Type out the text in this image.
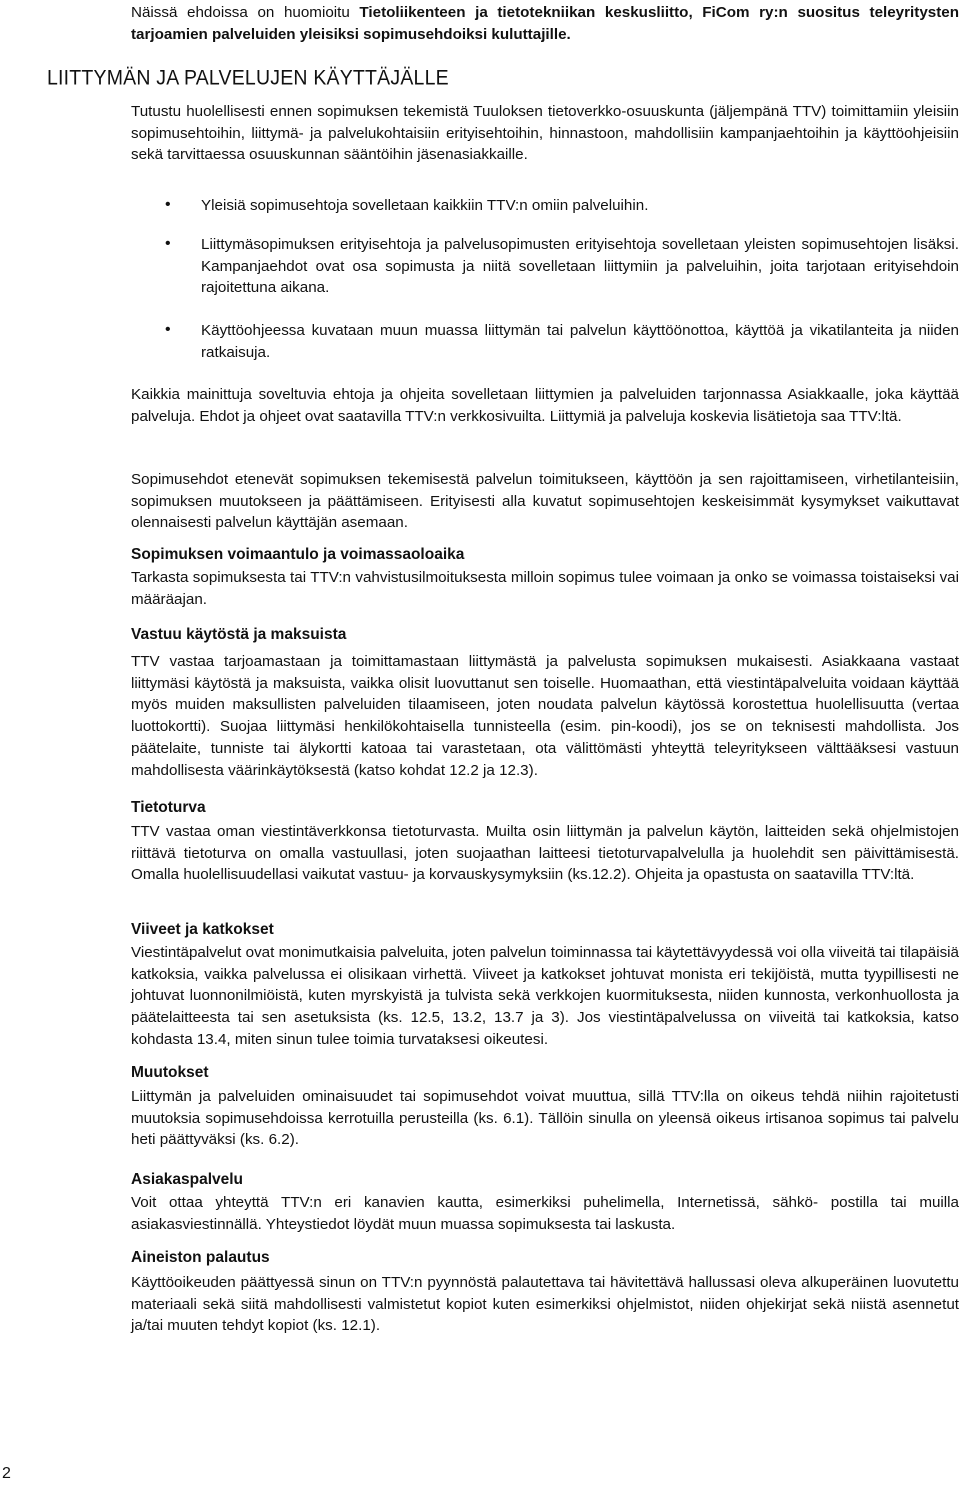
Näissä ehdoissa on huomioitu Tietoliikenteen ja tietotekniikan keskusliitto, FiCom ry:n suositus teleyritysten tarjoamien palveluiden yleisiksi sopimusehdoiksi kuluttajille.

LIITTYMÄN JA PALVELUJEN KÄYTTÄJÄLLE

Tutustu huolellisesti ennen sopimuksen tekemistä Tuuloksen tietoverkko-osuuskunta (jäljempänä TTV) toimittamiin yleisiin sopimusehtoihin, liittymä- ja palvelukohtaisiin erityisehtoihin, hinnastoon, mahdollisiin kampanjaehtoihin ja käyttöohjeisiin sekä tarvittaessa osuuskunnan sääntöihin jäsenasiakkaille.

• Yleisiä sopimusehtoja sovelletaan kaikkiin TTV:n omiin palveluihin.

• Liittymäsopimuksen erityisehtoja ja palvelusopimusten erityisehtoja sovelletaan yleisten sopimusehtojen lisäksi. Kampanjaehdot ovat osa sopimusta ja niitä sovelletaan liittymiin ja palveluihin, joita tarjotaan erityisehdoin rajoitettuna aikana.

• Käyttöohjeessa kuvataan muun muassa liittymän tai palvelun käyttöönottoa, käyttöä ja vikatilanteita ja niiden ratkaisuja.

Kaikkia mainittuja soveltuvia ehtoja ja ohjeita sovelletaan liittymien ja palveluiden tarjonnassa Asiakkaalle, joka käyttää palveluja. Ehdot ja ohjeet ovat saatavilla TTV:n verkkosivuilta. Liittymiä ja palveluja koskevia lisätietoja saa TTV:ltä.

Sopimusehdot etenevät sopimuksen tekemisestä palvelun toimitukseen, käyttöön ja sen rajoittamiseen, virhetilanteisiin, sopimuksen muutokseen ja päättämiseen. Erityisesti alla kuvatut sopimusehtojen keskeisimmät kysymykset vaikuttavat olennaisesti palvelun käyttäjän asemaan.

Sopimuksen voimaantulo ja voimassaoloaika

Tarkasta sopimuksesta tai TTV:n vahvistusilmoituksesta milloin sopimus tulee voimaan ja onko se voimassa toistaiseksi vai määräajan.

Vastuu käytöstä ja maksuista

TTV vastaa tarjoamastaan ja toimittamastaan liittymästä ja palvelusta sopimuksen mukaisesti. Asiakkaana vastaat liittymäsi käytöstä ja maksuista, vaikka olisit luovuttanut sen toiselle. Huomaathan, että viestintäpalveluita voidaan käyttää myös muiden maksullisten palveluiden tilaamiseen, joten noudata palvelun käytössä korostettua huolellisuutta (vertaa luottokortti). Suojaa liittymäsi henkilökohtaisella tunnisteella (esim. pin-koodi), jos se on teknisesti mahdollista. Jos päätelaite, tunniste tai älykortti katoaa tai varastetaan, ota välittömästi yhteyttä teleyritykseen välttääksesi vastuun mahdollisesta väärinkäytöksestä (katso kohdat 12.2 ja 12.3).

Tietoturva

TTV vastaa oman viestintäverkkonsa tietoturvasta. Muilta osin liittymän ja palvelun käytön, laitteiden sekä ohjelmistojen riittävä tietoturva on omalla vastuullasi, joten suojaathan laitteesi tietoturvapalvelulla ja huolehdit sen päivittämisestä. Omalla huolellisuudellasi vaikutat vastuu- ja korvauskysymyksiin (ks.12.2). Ohjeita ja opastusta on saatavilla TTV:ltä.

Viiveet ja katkokset

Viestintäpalvelut ovat monimutkaisia palveluita, joten palvelun toiminnassa tai käytettävyydessä voi olla viiveitä tai tilapäisiä katkoksia, vaikka palvelussa ei olisikaan virhettä. Viiveet ja katkokset johtuvat monista eri tekijöistä, mutta tyypillisesti ne johtuvat luonnonilmiöistä, kuten myrskyistä ja tulvista sekä verkkojen kuormituksesta, niiden kunnosta, verkonhuollosta ja päätelaitteesta tai sen asetuksista (ks. 12.5, 13.2, 13.7 ja 3). Jos viestintäpalvelussa on viiveitä tai katkoksia, katso kohdasta 13.4, miten sinun tulee toimia turvataksesi oikeutesi.

Muutokset

Liittymän ja palveluiden ominaisuudet tai sopimusehdot voivat muuttua, sillä TTV:lla on oikeus tehdä niihin rajoitetusti muutoksia sopimusehdoissa kerrotuilla perusteilla (ks. 6.1). Tällöin sinulla on yleensä oikeus irtisanoa sopimus tai palvelu heti päättyväksi (ks. 6.2).

Asiakaspalvelu

Voit ottaa yhteyttä TTV:n eri kanavien kautta, esimerkiksi puhelimella, Internetissä, sähkö- postilla tai muilla asiakasviestinnällä. Yhteystiedot löydät muun muassa sopimuksesta tai laskusta.

Aineiston palautus

Käyttöoikeuden päättyessä sinun on TTV:n pyynnöstä palautettava tai hävitettävä hallussasi oleva alkuperäinen luovutettu materiaali sekä siitä mahdollisesti valmistetut kopiot kuten esimerkiksi ohjelmistot, niiden ohjekirjat sekä niistä asennetut ja/tai muuten tehdyt kopiot (ks. 12.1).

2
